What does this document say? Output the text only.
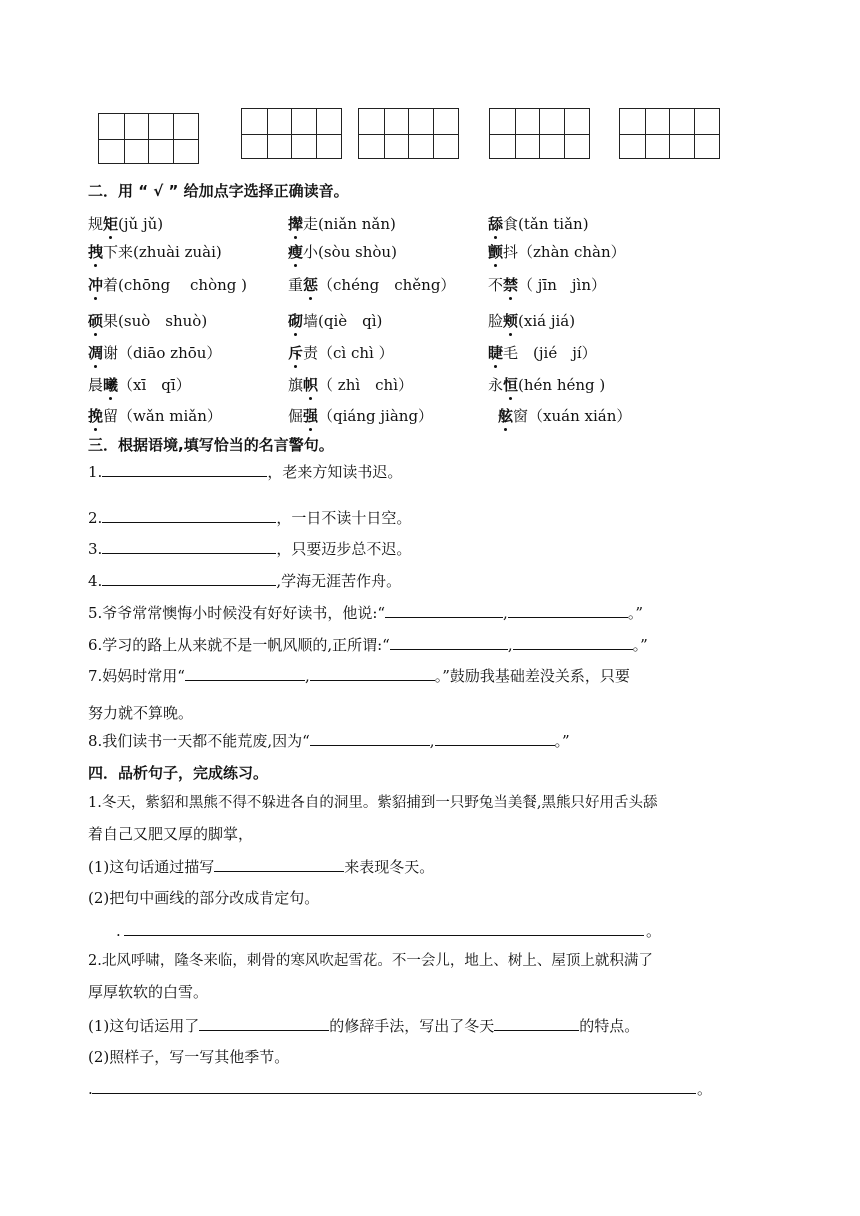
二．用 “ √ ” 给加点字选择正确读音。
规矩(jǔ jǔ)	撵走(niǎn nǎn)	舔食(tǎn tiǎn)
拽下来(zhuài zuài)	瘦小(sòu shòu)	颤抖（zhàn chàn）
冲着(chōng　 chòng )	重惩（chéng　chěng） 不禁（ jīn　jìn）
硕果(suò　shuò)	砌墙(qiè　qì)	脸颊(xiá jiá)
凋谢（diāo zhōu）	斥责（cì chì ）	睫毛　(jié　jí）
晨曦（xī　qī）	旗帜（ zhì　chì）	永恒(hén héng )
挽留（wǎn miǎn）	倔强（qiáng jiàng）	舷窗（xuán xián）
三．根据语境,填写恰当的名言警句。
1.	，老来方知读书迟。
2.	，一日不读十日空。
3.	，只要迈步总不迟。
4.	,学海无涯苦作舟。
5.爷爷常常懊悔小时候没有好好读书，他说:“	,	。”
6.学习的路上从来就不是一帆风顺的,正所谓:“	,	。”
7.妈妈时常用“	,	。”鼓励我基础差没关系，只要
努力就不算晚。
8.我们读书一天都不能荒废,因为“	,	。”
四．品析句子，完成练习。
1.冬天，紫貂和黑熊不得不躲进各自的洞里。紫貂捕到一只野兔当美餐,黑熊只好用舌头舔
着自己又肥又厚的脚掌，
(1)这句话通过描写	来表现冬天。
(2)把句中画线的部分改成肯定句。
.	。
2.北风呼啸，隆冬来临，刺骨的寒风吹起雪花。不一会儿，地上、树上、屋顶上就积满了
厚厚软软的白雪。
(1)这句话运用了	的修辞手法，写出了冬天	的特点。
(2)照样子，写一写其他季节。
.	。
